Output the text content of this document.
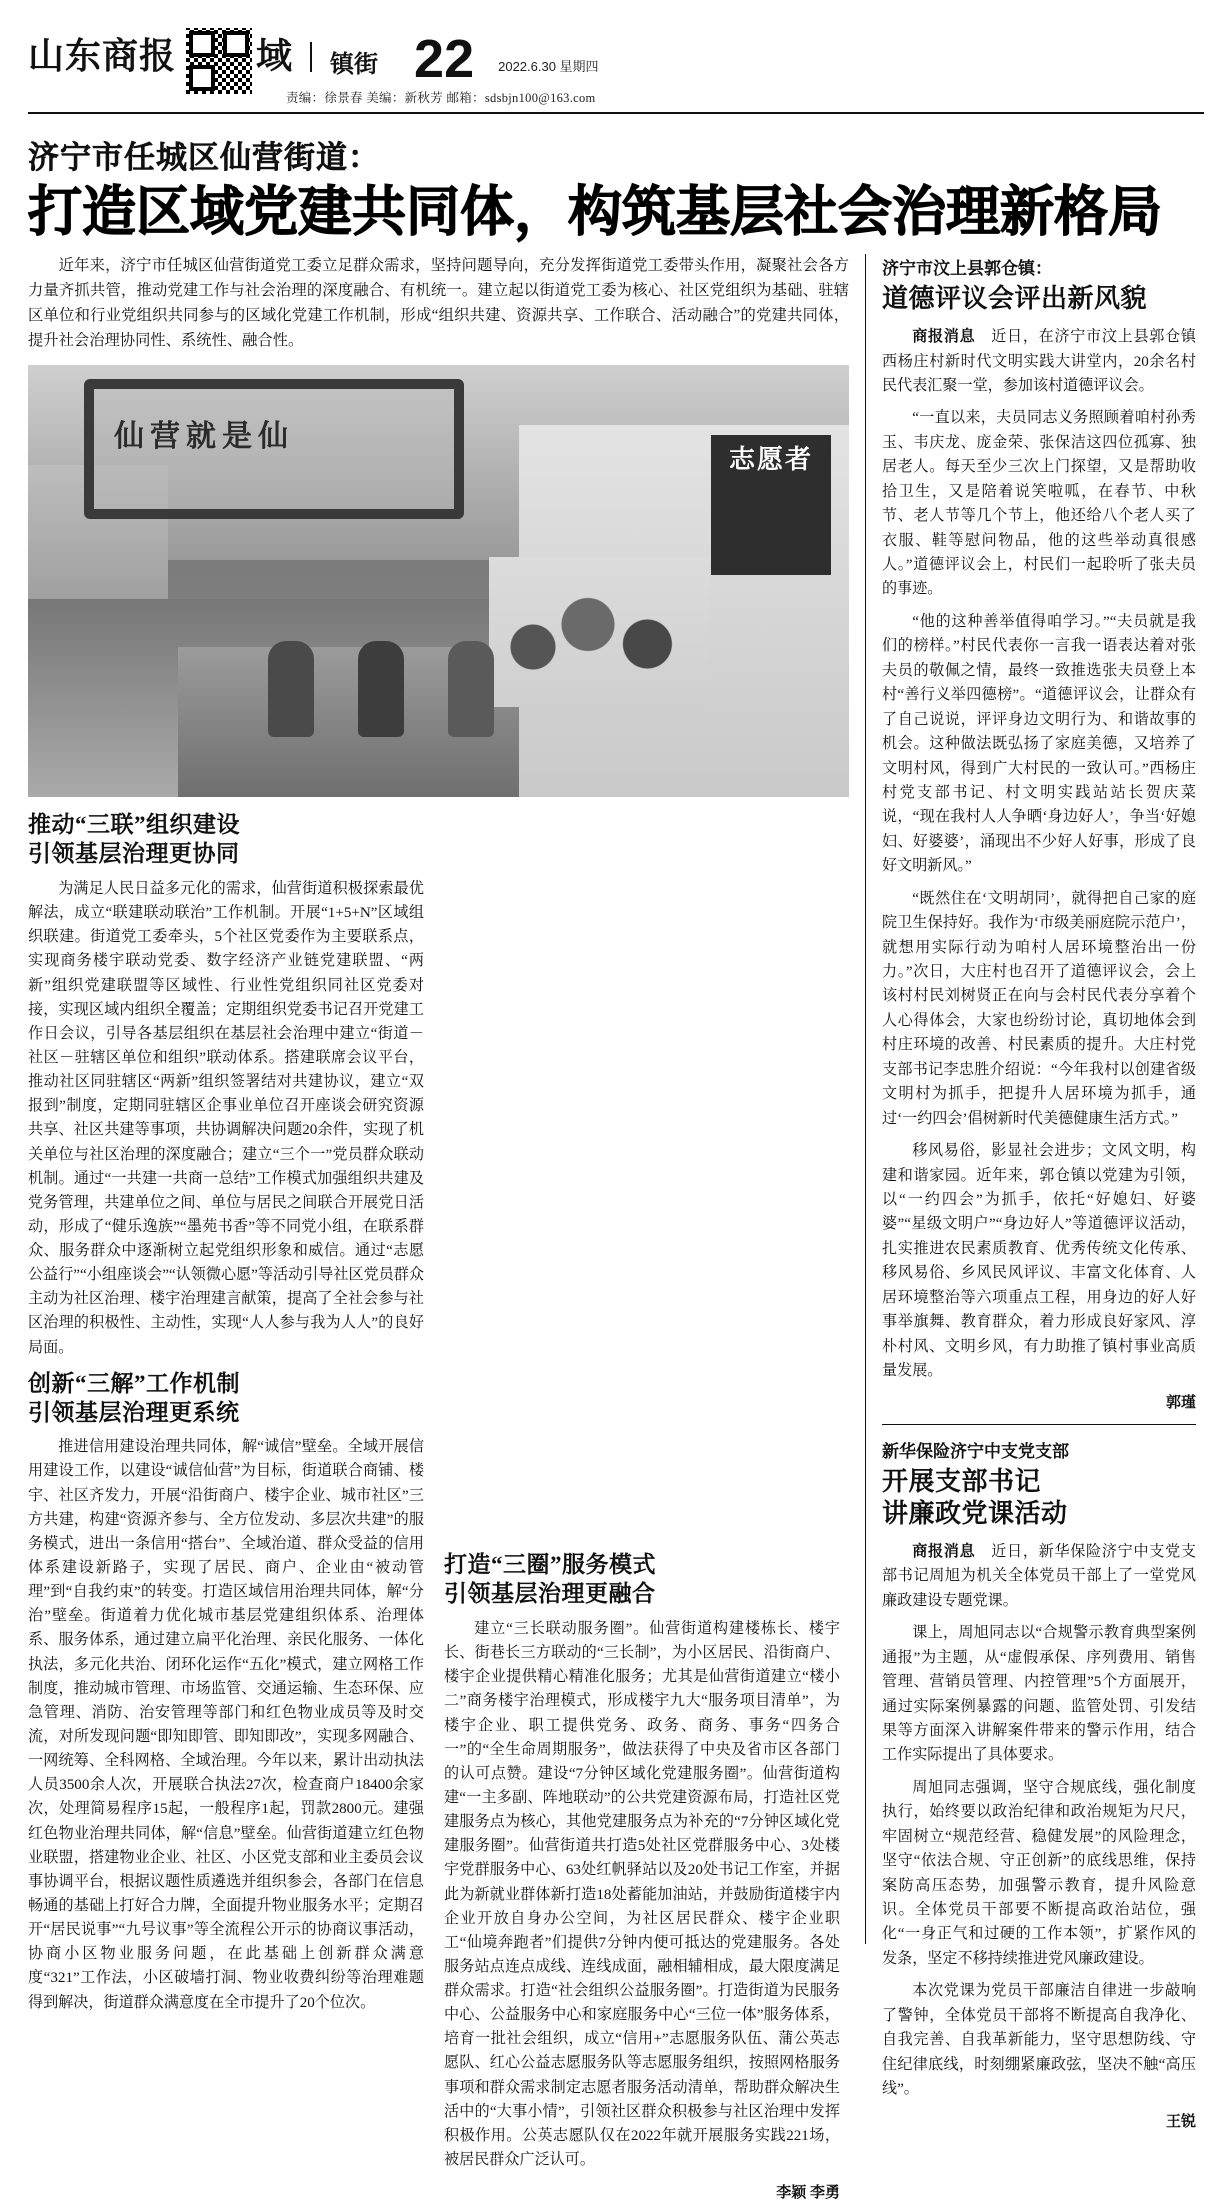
山东商报 域 镇街 22 2022.6.30 星期四
责编：徐景春 美编：新秋芳 邮箱：sdsbjn100@163.com
济宁市任城区仙营街道：
打造区域党建共同体，构筑基层社会治理新格局

近年来，济宁市任城区仙营街道党工委立足群众需求，坚持问题导向，充分发挥街道党工委带头作用，凝聚社会各方力量齐抓共管，推动党建工作与社会治理的深度融合、有机统一。建立起以街道党工委为核心、社区党组织为基础、驻辖区单位和行业党组织共同参与的区域化党建工作机制，形成“组织共建、资源共享、工作联合、活动融合”的党建共同体，提升社会治理协同性、系统性、融合性。

仙营就是仙
志愿者
推动“三联”组织建设
引领基层治理更协同

为满足人民日益多元化的需求，仙营街道积极探索最优解法，成立“联建联动联治”工作机制。开展“1+5+N”区域组织联建。街道党工委牵头，5个社区党委作为主要联系点，实现商务楼宇联动党委、数字经济产业链党建联盟、“两新”组织党建联盟等区域性、行业性党组织同社区党委对接，实现区域内组织全覆盖；定期组织党委书记召开党建工作日会议，引导各基层组织在基层社会治理中建立“街道－社区－驻辖区单位和组织”联动体系。搭建联席会议平台，推动社区同驻辖区“两新”组织签署结对共建协议，建立“双报到”制度，定期同驻辖区企事业单位召开座谈会研究资源共享、社区共建等事项，共协调解决问题20余件，实现了机关单位与社区治理的深度融合；建立“三个一”党员群众联动机制。通过“一共建一共商一总结”工作模式加强组织共建及党务管理，共建单位之间、单位与居民之间联合开展党日活动，形成了“健乐逸族”“墨苑书香”等不同党小组，在联系群众、服务群众中逐渐树立起党组织形象和威信。通过“志愿公益行”“小组座谈会”“认领微心愿”等活动引导社区党员群众主动为社区治理、楼宇治理建言献策，提高了全社会参与社区治理的积极性、主动性，实现“人人参与我为人人”的良好局面。

创新“三解”工作机制
引领基层治理更系统

推进信用建设治理共同体，解“诚信”壁垒。全域开展信用建设工作，以建设“诚信仙营”为目标，街道联合商铺、楼宇、社区齐发力，开展“沿街商户、楼宇企业、城市社区”三方共建，构建“资源齐参与、全方位发动、多层次共建”的服务模式，进出一条信用“搭台”、全域治道、群众受益的信用体系建设新路子，实现了居民、商户、企业由“被动管理”到“自我约束”的转变。打造区域信用治理共同体，解“分治”壁垒。街道着力优化城市基层党建组织体系、治理体系、服务体系，通过建立扁平化治理、亲民化服务、一体化执法，多元化共治、闭环化运作“五化”模式，建立网格工作制度，推动城市管理、市场监管、交通运输、生态环保、应急管理、消防、治安管理等部门和红色物业成员等及时交流，对所发现问题“即知即管、即知即改”，实现多网融合、一网统筹、全科网格、全域治理。今年以来，累计出动执法人员3500余人次，开展联合执法27次，检查商户18400余家次，处理简易程序15起，一般程序1起，罚款2800元。建强红色物业治理共同体，解“信息”壁垒。仙营街道建立红色物业联盟，搭建物业企业、社区、小区党支部和业主委员会议事协调平台，根据议题性质遴选并组织参会，各部门在信息畅通的基础上打好合力牌，全面提升物业服务水平；定期召开“居民说事”“九号议事”等全流程公开示的协商议事活动，协商小区物业服务问题，在此基础上创新群众满意度“321”工作法，小区破墙打洞、物业收费纠纷等治理难题得到解决，街道群众满意度在全市提升了20个位次。

打造“三圈”服务模式
引领基层治理更融合

建立“三长联动服务圈”。仙营街道构建楼栋长、楼宇长、街巷长三方联动的“三长制”，为小区居民、沿街商户、楼宇企业提供精心精准化服务；尤其是仙营街道建立“楼小二”商务楼宇治理模式，形成楼宇九大“服务项目清单”，为楼宇企业、职工提供党务、政务、商务、事务“四务合一”的“全生命周期服务”，做法获得了中央及省市区各部门的认可点赞。建设“7分钟区域化党建服务圈”。仙营街道构建“一主多副、阵地联动”的公共党建资源布局，打造社区党建服务点为核心，其他党建服务点为补充的“7分钟区域化党建服务圈”。仙营街道共打造5处社区党群服务中心、3处楼宇党群服务中心、63处红帆驿站以及20处书记工作室，并据此为新就业群体新打造18处蓄能加油站，并鼓励街道楼宇内企业开放自身办公空间，为社区居民群众、楼宇企业职工“仙境奔跑者”们提供7分钟内便可抵达的党建服务。各处服务站点连点成线、连线成面，融相辅相成，最大限度满足群众需求。打造“社会组织公益服务圈”。打造街道为民服务中心、公益服务中心和家庭服务中心“三位一体”服务体系，培育一批社会组织，成立“信用+”志愿服务队伍、蒲公英志愿队、红心公益志愿服务队等志愿服务组织，按照网格服务事项和群众需求制定志愿者服务活动清单，帮助群众解决生活中的“大事小情”，引领社区群众积极参与社区治理中发挥积极作用。公英志愿队仅在2022年就开展服务实践221场，被居民群众广泛认可。

李颖 李勇
济宁市汶上县郭仓镇：
道德评议会评出新风貌

商报消息　近日，在济宁市汶上县郭仓镇西杨庄村新时代文明实践大讲堂内，20余名村民代表汇聚一堂，参加该村道德评议会。

“一直以来，夫员同志义务照顾着咱村孙秀玉、韦庆龙、庞金荣、张保洁这四位孤寡、独居老人。每天至少三次上门探望，又是帮助收拾卫生，又是陪着说笑啦呱，在春节、中秋节、老人节等几个节上，他还给八个老人买了衣服、鞋等慰问物品，他的这些举动真很感人。”道德评议会上，村民们一起聆听了张夫员的事迹。

“他的这种善举值得咱学习。”“夫员就是我们的榜样。”村民代表你一言我一语表达着对张夫员的敬佩之情，最终一致推选张夫员登上本村“善行义举四德榜”。“道德评议会，让群众有了自己说说，评评身边文明行为、和谐故事的机会。这种做法既弘扬了家庭美德，又培养了文明村风，得到广大村民的一致认可。”西杨庄村党支部书记、村文明实践站站长贺庆菜说，“现在我村人人争晒‘身边好人’，争当‘好媳妇、好婆婆’，涌现出不少好人好事，形成了良好文明新风。”

“既然住在‘文明胡同’，就得把自己家的庭院卫生保持好。我作为‘市级美丽庭院示范户’，就想用实际行动为咱村人居环境整治出一份力。”次日，大庄村也召开了道德评议会，会上该村村民刘树贤正在向与会村民代表分享着个人心得体会，大家也纷纷讨论，真切地体会到村庄环境的改善、村民素质的提升。大庄村党支部书记李忠胜介绍说：“今年我村以创建省级文明村为抓手，把提升人居环境为抓手，通过‘一约四会’倡树新时代美德健康生活方式。”

移风易俗，影显社会进步；文风文明，构建和谐家园。近年来，郭仓镇以党建为引领，以“一约四会”为抓手，依托“好媳妇、好婆婆”“星级文明户”“身边好人”等道德评议活动，扎实推进农民素质教育、优秀传统文化传承、移风易俗、乡风民风评议、丰富文化体育、人居环境整治等六项重点工程，用身边的好人好事举旗舞、教育群众，着力形成良好家风、淳朴村风、文明乡风，有力助推了镇村事业高质量发展。

郭瑾
新华保险济宁中支党支部
开展支部书记
讲廉政党课活动

商报消息　近日，新华保险济宁中支党支部书记周旭为机关全体党员干部上了一堂党风廉政建设专题党课。

课上，周旭同志以“合规警示教育典型案例通报”为主题，从“虚假承保、序列费用、销售管理、营销员管理、内控管理”5个方面展开，通过实际案例暴露的问题、监管处罚、引发结果等方面深入讲解案件带来的警示作用，结合工作实际提出了具体要求。

周旭同志强调，坚守合规底线，强化制度执行，始终要以政治纪律和政治规矩为尺尺，牢固树立“规范经营、稳健发展”的风险理念，坚守“依法合规、守正创新”的底线思维，保持案防高压态势，加强警示教育，提升风险意识。全体党员干部要不断提高政治站位，强化“一身正气和过硬的工作本领”，扩紧作风的发条，坚定不移持续推进党风廉政建设。

本次党课为党员干部廉洁自律进一步敲响了警钟，全体党员干部将不断提高自我净化、自我完善、自我革新能力，坚守思想防线、守住纪律底线，时刻绷紧廉政弦，坚决不触“高压线”。

王锐
